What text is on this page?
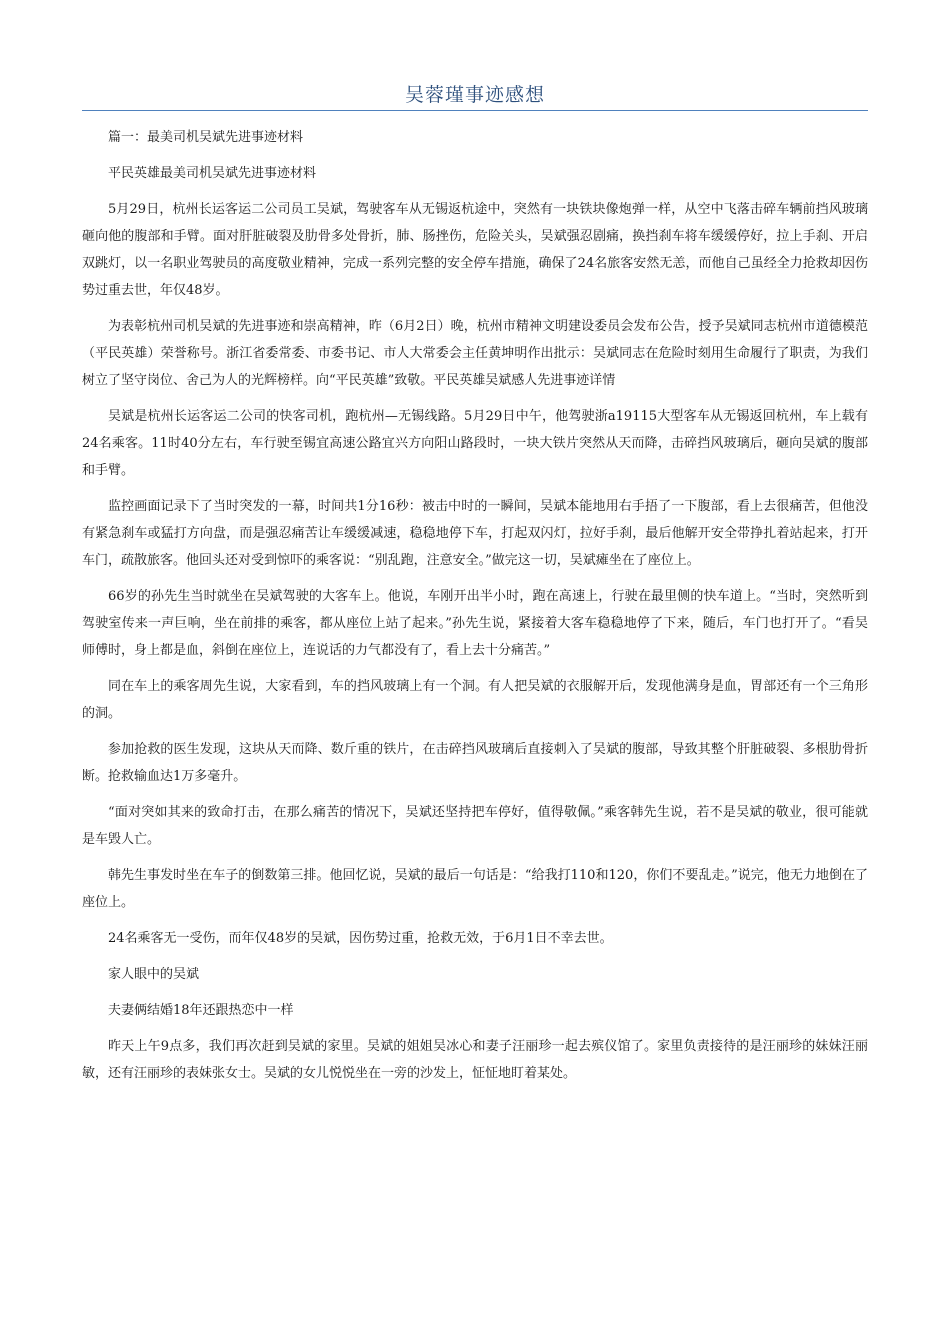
吴蓉瑾事迹感想

篇一：最美司机吴斌先进事迹材料

平民英雄最美司机吴斌先进事迹材料

5月29日，杭州长运客运二公司员工吴斌，驾驶客车从无锡返杭途中，突然有一块铁块像炮弹一样，从空中飞落击碎车辆前挡风玻璃砸向他的腹部和手臂。面对肝脏破裂及肋骨多处骨折，肺、肠挫伤，危险关头，吴斌强忍剧痛，换挡刹车将车缓缓停好，拉上手刹、开启双跳灯，以一名职业驾驶员的高度敬业精神，完成一系列完整的安全停车措施，确保了24名旅客安然无恙，而他自己虽经全力抢救却因伤势过重去世，年仅48岁。

为表彰杭州司机吴斌的先进事迹和崇高精神，昨（6月2日）晚，杭州市精神文明建设委员会发布公告，授予吴斌同志杭州市道德模范（平民英雄）荣誉称号。浙江省委常委、市委书记、市人大常委会主任黄坤明作出批示：吴斌同志在危险时刻用生命履行了职责，为我们树立了坚守岗位、舍己为人的光辉榜样。向“平民英雄”致敬。平民英雄吴斌感人先进事迹详情

吴斌是杭州长运客运二公司的快客司机，跑杭州—无锡线路。5月29日中午，他驾驶浙a19115大型客车从无锡返回杭州，车上载有24名乘客。11时40分左右，车行驶至锡宜高速公路宜兴方向阳山路段时，一块大铁片突然从天而降，击碎挡风玻璃后，砸向吴斌的腹部和手臂。

监控画面记录下了当时突发的一幕，时间共1分16秒：被击中时的一瞬间，吴斌本能地用右手捂了一下腹部，看上去很痛苦，但他没有紧急刹车或猛打方向盘，而是强忍痛苦让车缓缓减速，稳稳地停下车，打起双闪灯，拉好手刹，最后他解开安全带挣扎着站起来，打开车门，疏散旅客。他回头还对受到惊吓的乘客说：“别乱跑，注意安全。”做完这一切，吴斌瘫坐在了座位上。

66岁的孙先生当时就坐在吴斌驾驶的大客车上。他说，车刚开出半小时，跑在高速上，行驶在最里侧的快车道上。“当时，突然听到驾驶室传来一声巨响，坐在前排的乘客，都从座位上站了起来。”孙先生说，紧接着大客车稳稳地停了下来，随后，车门也打开了。“看吴师傅时，身上都是血，斜倒在座位上，连说话的力气都没有了，看上去十分痛苦。”

同在车上的乘客周先生说，大家看到，车的挡风玻璃上有一个洞。有人把吴斌的衣服解开后，发现他满身是血，胃部还有一个三角形的洞。

参加抢救的医生发现，这块从天而降、数斤重的铁片，在击碎挡风玻璃后直接刺入了吴斌的腹部，导致其整个肝脏破裂、多根肋骨折断。抢救输血达1万多毫升。

“面对突如其来的致命打击，在那么痛苦的情况下，吴斌还坚持把车停好，值得敬佩。”乘客韩先生说，若不是吴斌的敬业，很可能就是车毁人亡。

韩先生事发时坐在车子的倒数第三排。他回忆说，吴斌的最后一句话是：“给我打110和120，你们不要乱走。”说完，他无力地倒在了座位上。

24名乘客无一受伤，而年仅48岁的吴斌，因伤势过重，抢救无效，于6月1日不幸去世。

家人眼中的吴斌

夫妻俩结婚18年还跟热恋中一样

昨天上午9点多，我们再次赶到吴斌的家里。吴斌的姐姐吴冰心和妻子汪丽珍一起去殡仪馆了。家里负责接待的是汪丽珍的妹妹汪丽敏，还有汪丽珍的表妹张女士。吴斌的女儿悦悦坐在一旁的沙发上，怔怔地盯着某处。
